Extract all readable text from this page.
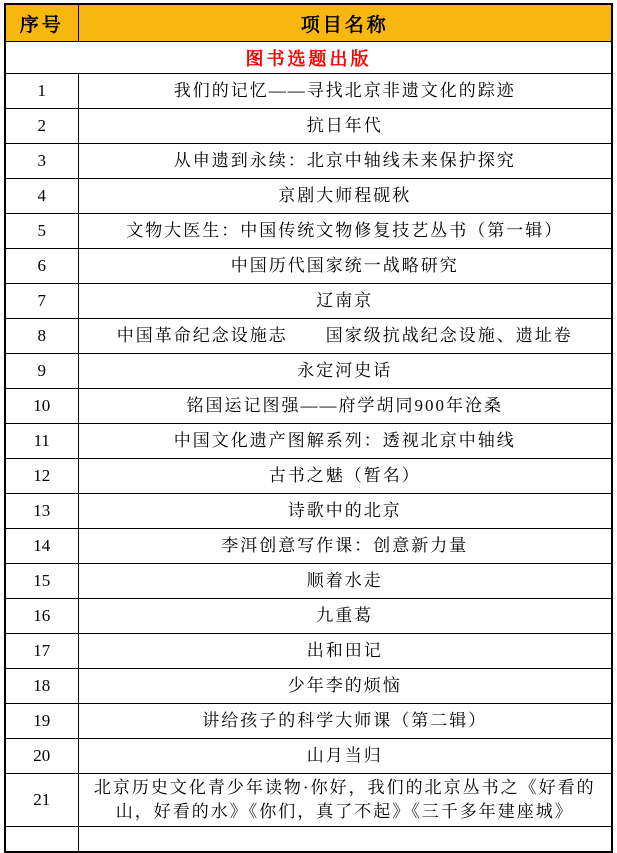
序号	项目名称
图书选题出版	
1	我们的记忆——寻找北京非遗文化的踪迹
2	抗日年代
3	从申遗到永续：北京中轴线未来保护探究
4	京剧大师程砚秋
5	文物大医生：中国传统文物修复技艺丛书（第一辑）
6	中国历代国家统一战略研究
7	辽南京
8	中国革命纪念设施志　　国家级抗战纪念设施、遗址卷
9	永定河史话
10	铭国运记图强——府学胡同900年沧桑
11	中国文化遗产图解系列：透视北京中轴线
12	古书之魅（暂名）
13	诗歌中的北京
14	李洱创意写作课：创意新力量
15	顺着水走
16	九重葛
17	出和田记
18	少年李的烦恼
19	讲给孩子的科学大师课（第二辑）
20	山月当归
21	北京历史文化青少年读物·你好，我们的北京丛书之《好看的山，好看的水》《你们，真了不起》《三千多年建座城》
